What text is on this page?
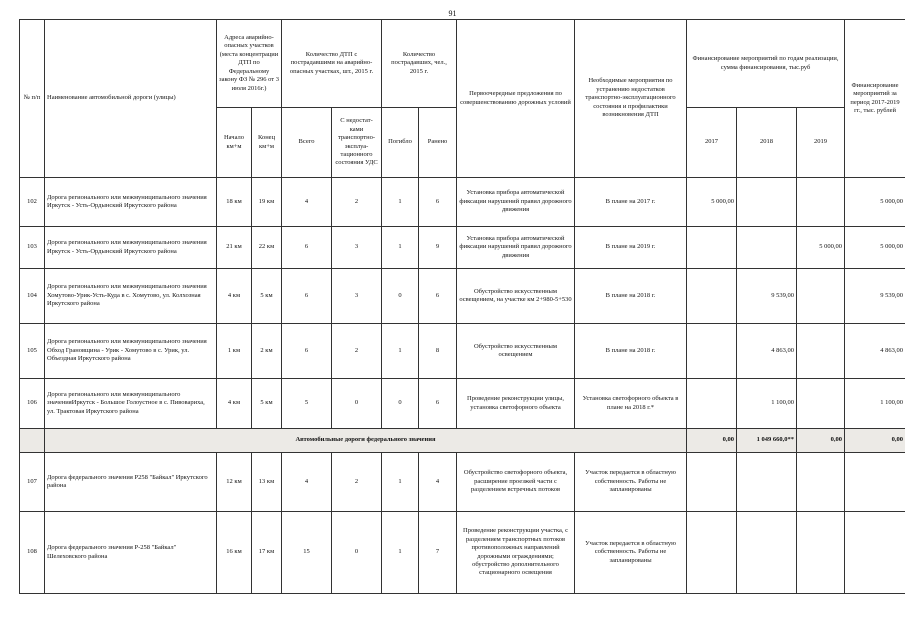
91
№ п/п	Наименование автомобильной дороги (улицы)	Адреса аварийно-опасных участков (места концентрации ДТП по Федеральному закону ФЗ № 296 от 3 июля 2016г.)		Количество ДТП с пострадавшими на аварийно-опасных участках, шт., 2015 г.		Количество пострадавших, чел., 2015 г.		Первоочередные предложения по совершенствованию дорожных условий	Необходимые мероприятия по устранению недостатков транспортно-эксплуатационного состояния и профилактики возникновения ДТП	Финансирование мероприятий по годам реализации, сумма финансирования, тыс.руб			Финансирование мероприятий за период 2017-2019 гг., тыс. рублей
		Начало км+м	Конец км+м	Всего	С недостат-ками транспортно-эксплуа-тационного состояния УДС	Погибло	Ранено			2017	2018	2019	
102	Дорога регионального или межмуниципального значения Иркутск - Усть-Ордынский Иркутского района	18 км	19 км	4	2	1	6	Установка прибора автоматической фиксации нарушений правил дорожного движения	В плане на 2017 г.	5 000,00			5 000,00
103	Дорога регионального или межмуниципального значения Иркутск - Усть-Ордынский Иркутского района	21 км	22 км	6	3	1	9	Установка прибора автоматической фиксации нарушений правил дорожного движения	В плане на 2019 г.			5 000,00	5 000,00
104	Дорога регионального или межмуниципального значения Хомутово-Урик-Усть-Куда в с. Хомутово, ул. Колхозная Иркутского района	4 км	5 км	6	3	0	6	Обустройство искусственным освещением, на участке км 2+980-5+530	В плане на 2018 г.		9 539,00		9 539,00
105	Дорога регионального или межмуниципального значения Обход Грановщина - Урик - Хомутово в с. Урик, ул. Объездная Иркутского района	1 км	2 км	6	2	1	8	Обустройство искусственным освещением	В плане на 2018 г.		4 863,00		4 863,00
106	Дорога регионального или межмуниципального значенияИркутск - Большое Голоустное в с. Пивовариха, ул. Трактовая Иркутского района	4 км	5 км	5	0	0	6	Проведение реконструкции улицы, установка светофорного объекта	Установка светофорного объекта в плане на 2018 г.*		1 100,00		1 100,00
	Автомобильные дороги федерального значения									0,00	1 049 660,0**	0,00	0,00
107	Дорога федерального значения Р258 "Байкал" Иркутского района	12 км	13 км	4	2	1	4	Обустройство светофорного объекта, расширение проезжей части с разделением встречных потоков	Участок передается в областную собственность. Работы не запланированы				
108	Дорога федерального значения Р-258 "Байкал" Шелеховского района	16 км	17 км	15	0	1	7	Проведение реконструкции участка, с разделением транспортных потоков противоположных направлений дорожными ограждениями; обустройство дополнительного стационарного освещения	Участок передается в областную собственность. Работы не запланированы				
